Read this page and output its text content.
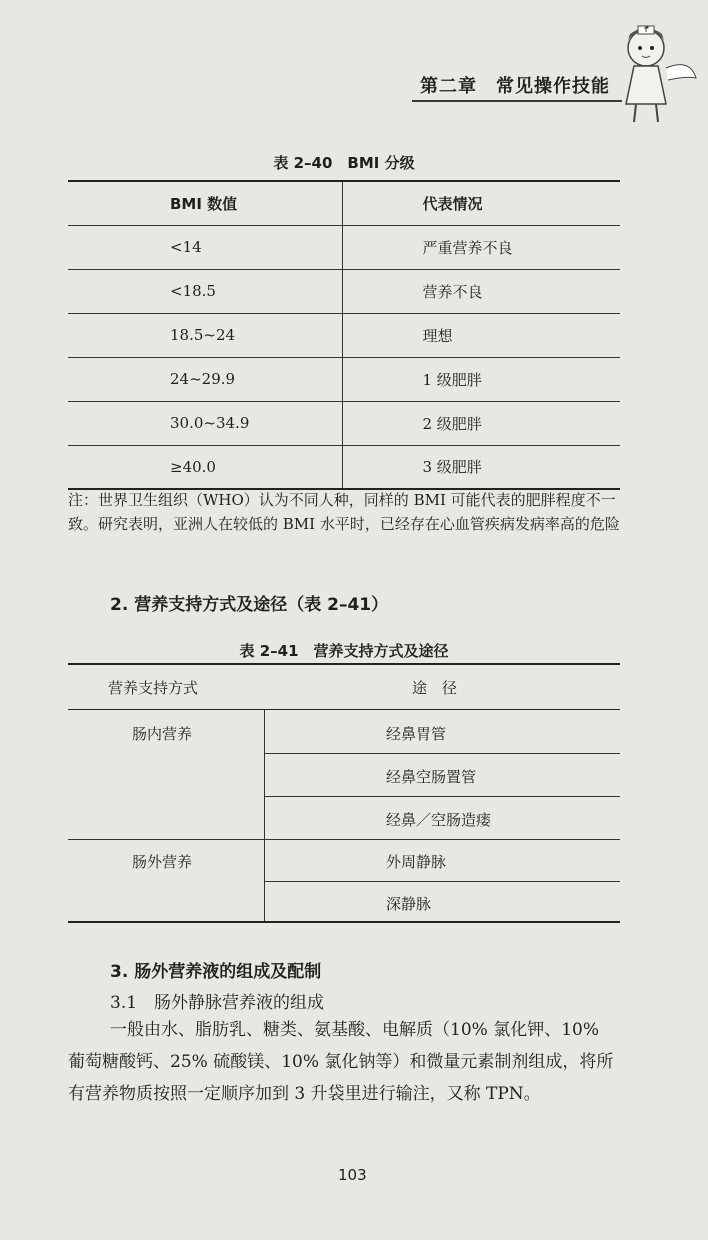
第二章　常见操作技能
表 2–40　BMI 分级
BMI 数值	代表情况
<14	严重营养不良
<18.5	营养不良
18.5~24	理想
24~29.9	1 级肥胖
30.0~34.9	2 级肥胖
≥40.0	3 级肥胖
注：世界卫生组织（WHO）认为不同人种，同样的 BMI 可能代表的肥胖程度不一致。研究表明，亚洲人在较低的 BMI 水平时，已经存在心血管疾病发病率高的危险
2. 营养支持方式及途径（表 2–41）
表 2–41　营养支持方式及途径
营养支持方式	途　径
肠内营养	经鼻胃管
经鼻空肠置管
经鼻／空肠造瘘
肠外营养	外周静脉
深静脉
3. 肠外营养液的组成及配制
3.1　肠外静脉营养液的组成
一般由水、脂肪乳、糖类、氨基酸、电解质（10% 氯化钾、10% 葡萄糖酸钙、25% 硫酸镁、10% 氯化钠等）和微量元素制剂组成，将所有营养物质按照一定顺序加到 3 升袋里进行输注，又称 TPN。
103
